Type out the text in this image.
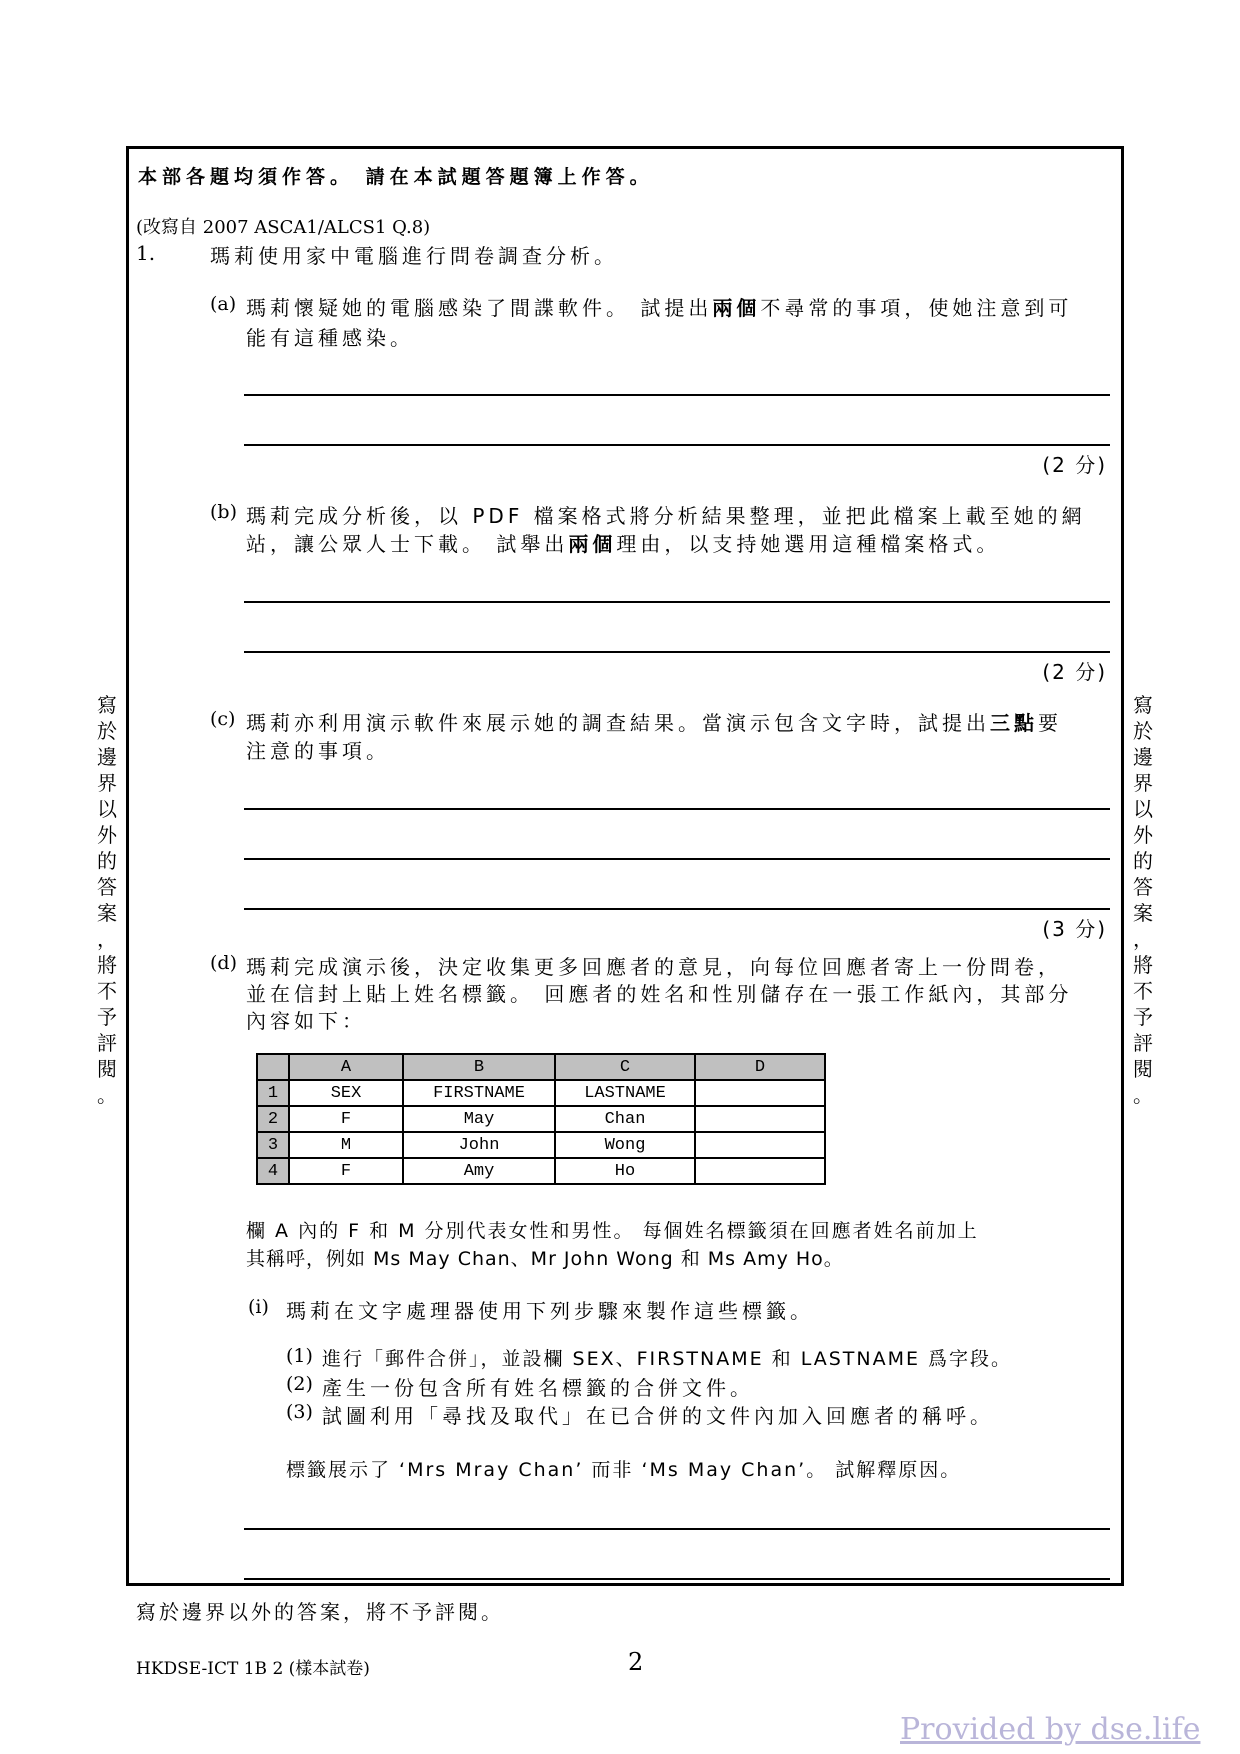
本部各題均須作答。 請在本試題答題簿上作答。
(改寫自 2007 ASCA1/ALCS1 Q.8)
1.	瑪莉使用家中電腦進行問卷調查分析。
(a) 瑪莉懷疑她的電腦感染了間諜軟件。 試提出兩個不尋常的事項，使她注意到可
能有這種感染。
(2 分)
(b) 瑪莉完成分析後，以 PDF 檔案格式將分析結果整理，並把此檔案上載至她的網
站，讓公眾人士下載。 試舉出兩個理由，以支持她選用這種檔案格式。
(2 分)
(c) 瑪莉亦利用演示軟件來展示她的調查結果。當演示包含文字時，試提出三點要
注意的事項。
(3 分)
(d) 瑪莉完成演示後，決定收集更多回應者的意見，向每位回應者寄上一份問卷，
並在信封上貼上姓名標籤。 回應者的姓名和性別儲存在一張工作紙內，其部分
內容如下：
	A	B	C	D
1	SEX	FIRSTNAME	LASTNAME	
2	F	May	Chan	
3	M	John	Wong	
4	F	Amy	Ho	
欄 A 內的 F 和 M 分別代表女性和男性。 每個姓名標籤須在回應者姓名前加上
其稱呼，例如 Ms May Chan、Mr John Wong 和 Ms Amy Ho。
(i) 瑪莉在文字處理器使用下列步驟來製作這些標籤。
(1) 進行「郵件合併」，並設欄 SEX、FIRSTNAME 和 LASTNAME 爲字段。
(2) 產生一份包含所有姓名標籤的合併文件。
(3) 試圖利用「尋找及取代」在已合併的文件內加入回應者的稱呼。
標籤展示了 ‘Mrs Mray Chan’ 而非 ‘Ms May Chan’。 試解釋原因。
寫
於
邊
界
以
外
的
答
案
，
將
不
予
評
閱
。
寫
於
邊
界
以
外
的
答
案
，
將
不
予
評
閱
。
寫於邊界以外的答案，將不予評閱。
HKDSE-ICT 1B 2 (樣本試卷)	2
Provided by dse.life
